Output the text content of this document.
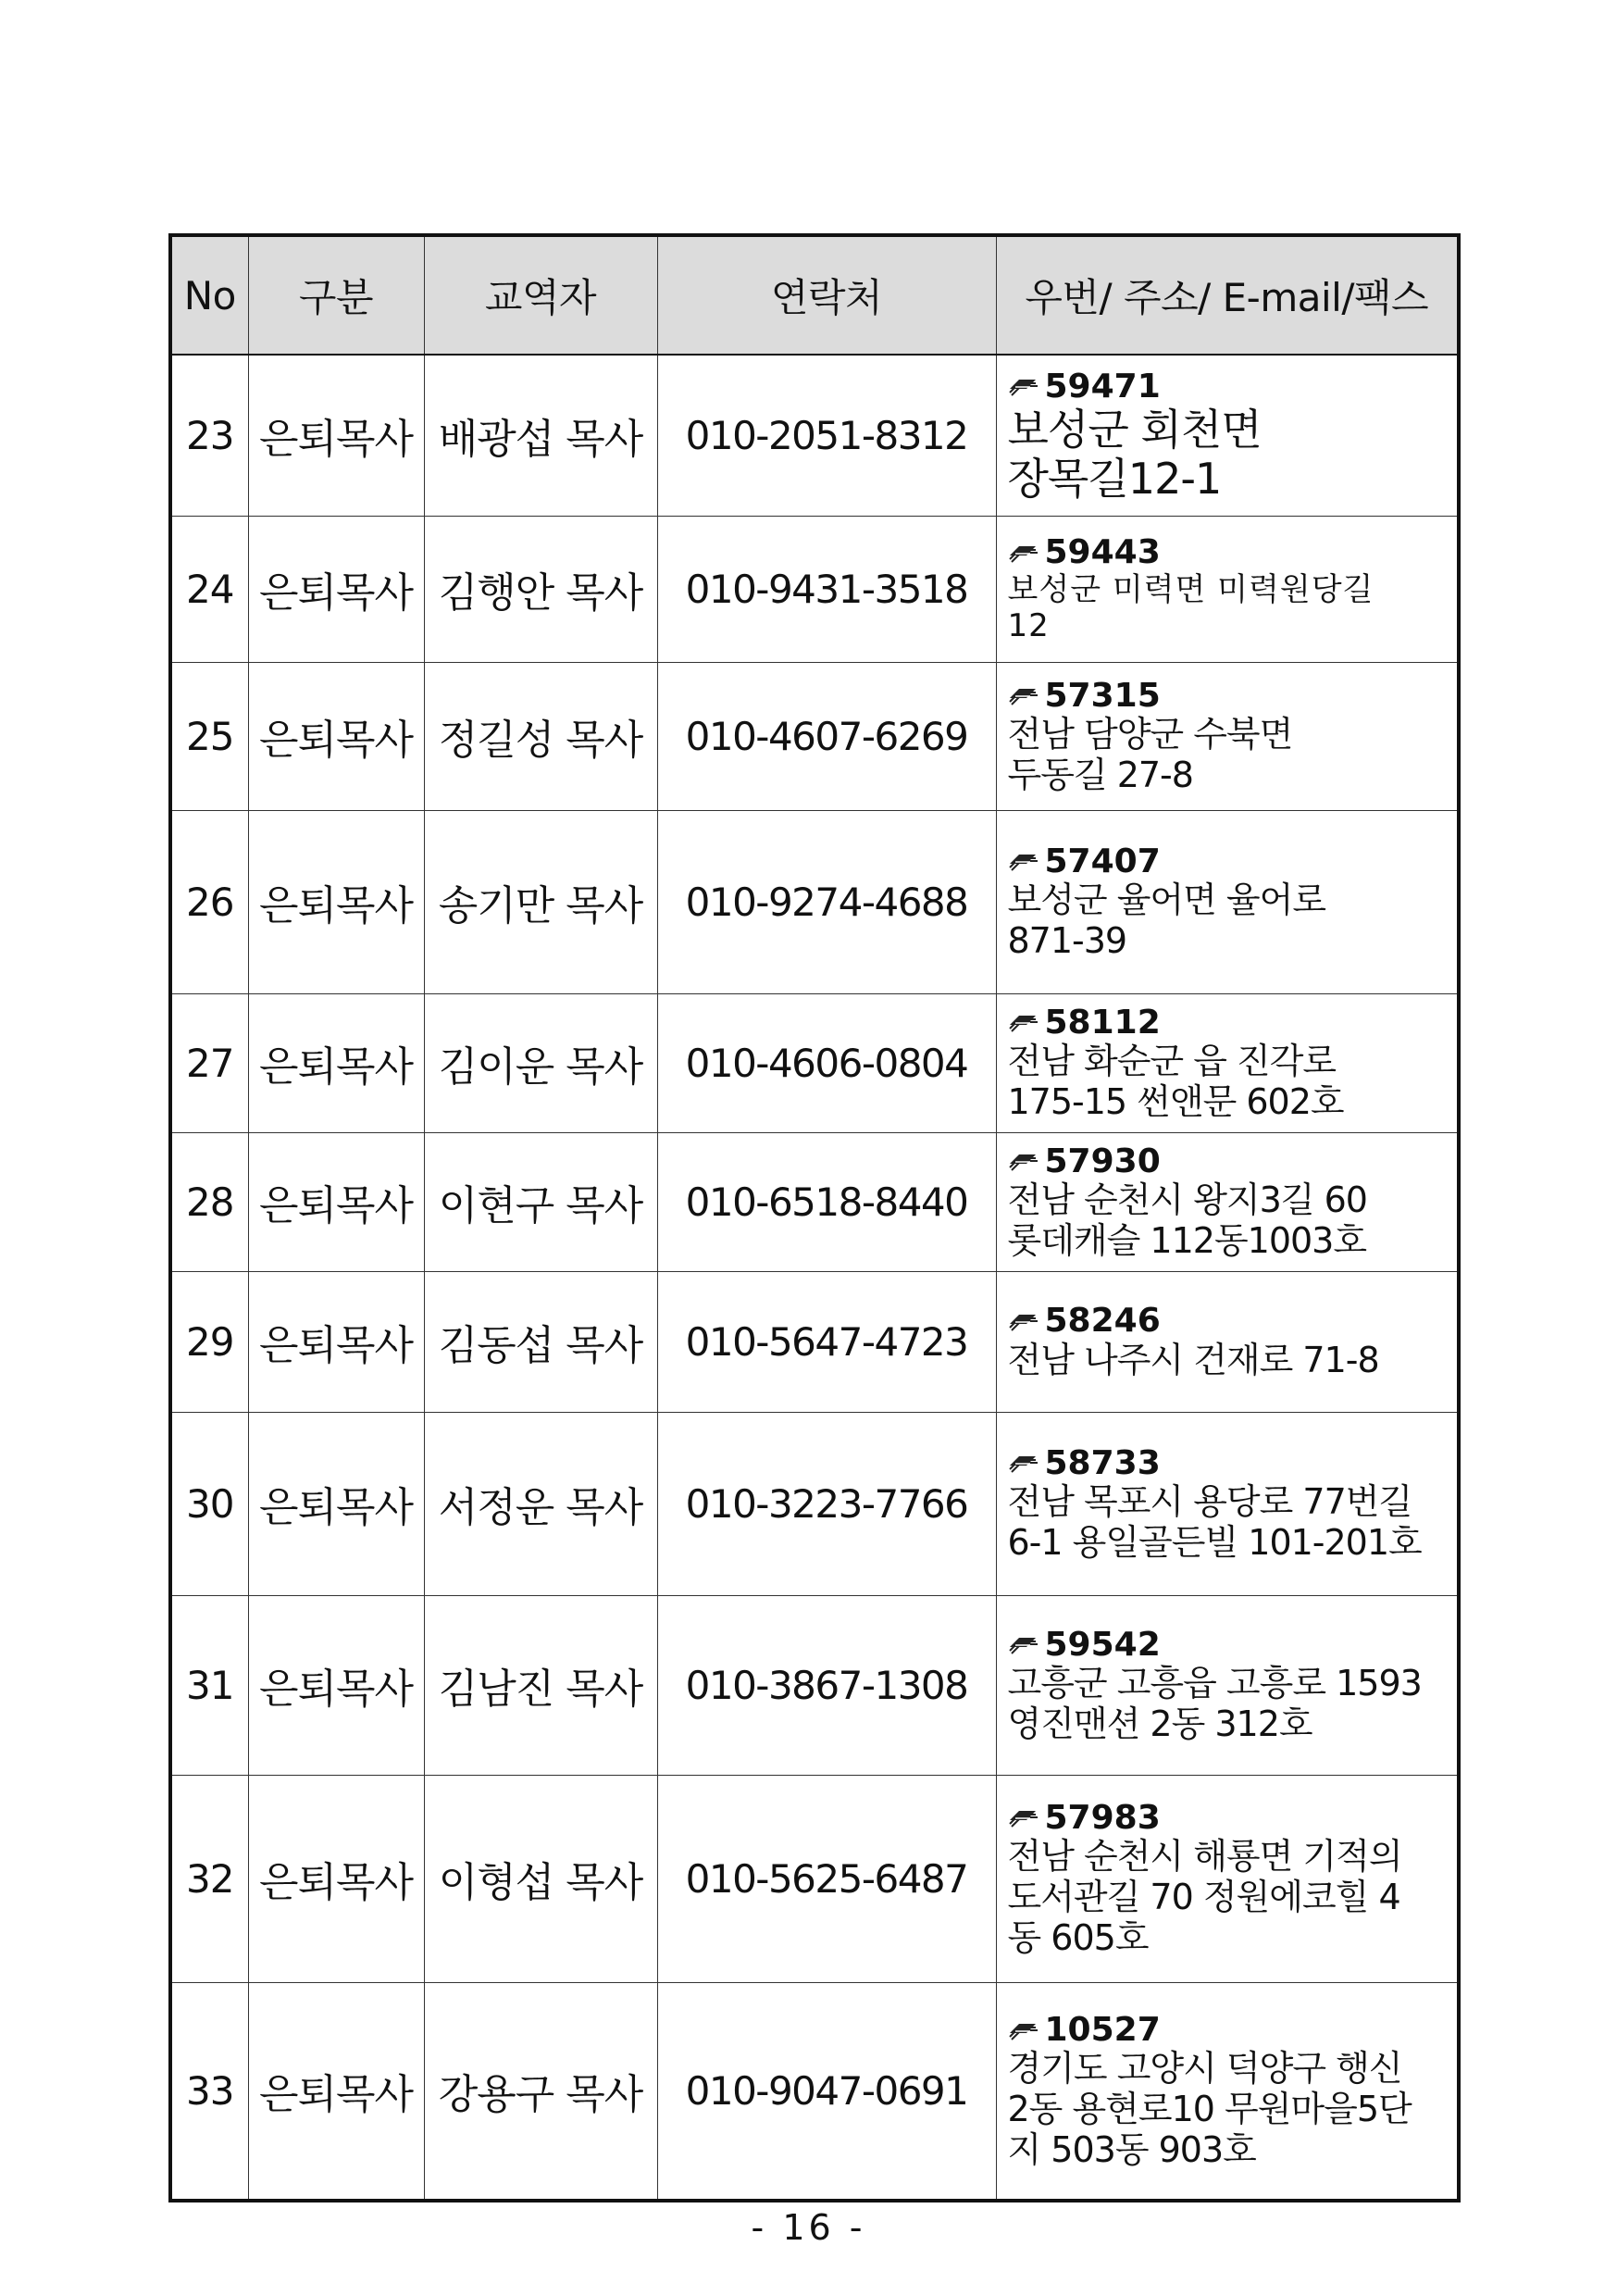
No	구분	교역자	연락처	우번/ 주소/ E-mail/팩스
23	은퇴목사	배광섭 목사	010-2051-8312	59471
보성군 회천면
장목길12-1

24	은퇴목사	김행안 목사	010-9431-3518	59443
보성군 미력면 미력원당길
12

25	은퇴목사	정길성 목사	010-4607-6269	57315
전남 담양군 수북면
두동길 27-8

26	은퇴목사	송기만 목사	010-9274-4688	57407
보성군 율어면 율어로
871-39

27	은퇴목사	김이운 목사	010-4606-0804	58112
전남 화순군 읍 진각로
175-15 썬앤문 602호

28	은퇴목사	이현구 목사	010-6518-8440	57930
전남 순천시 왕지3길 60
롯데캐슬 112동1003호

29	은퇴목사	김동섭 목사	010-5647-4723	58246
전남 나주시 건재로 71-8

30	은퇴목사	서정운 목사	010-3223-7766	58733
전남 목포시 용당로 77번길
6-1 용일골든빌 101-201호

31	은퇴목사	김남진 목사	010-3867-1308	59542
고흥군 고흥읍 고흥로 1593
영진맨션 2동 312호

32	은퇴목사	이형섭 목사	010-5625-6487	57983
전남 순천시 해룡면 기적의
도서관길 70 정원에코힐 4
동 605호

33	은퇴목사	강용구 목사	010-9047-0691	10527
경기도 고양시 덕양구 행신
2동 용현로10 무원마을5단
지 503동 903호
- 16 -
